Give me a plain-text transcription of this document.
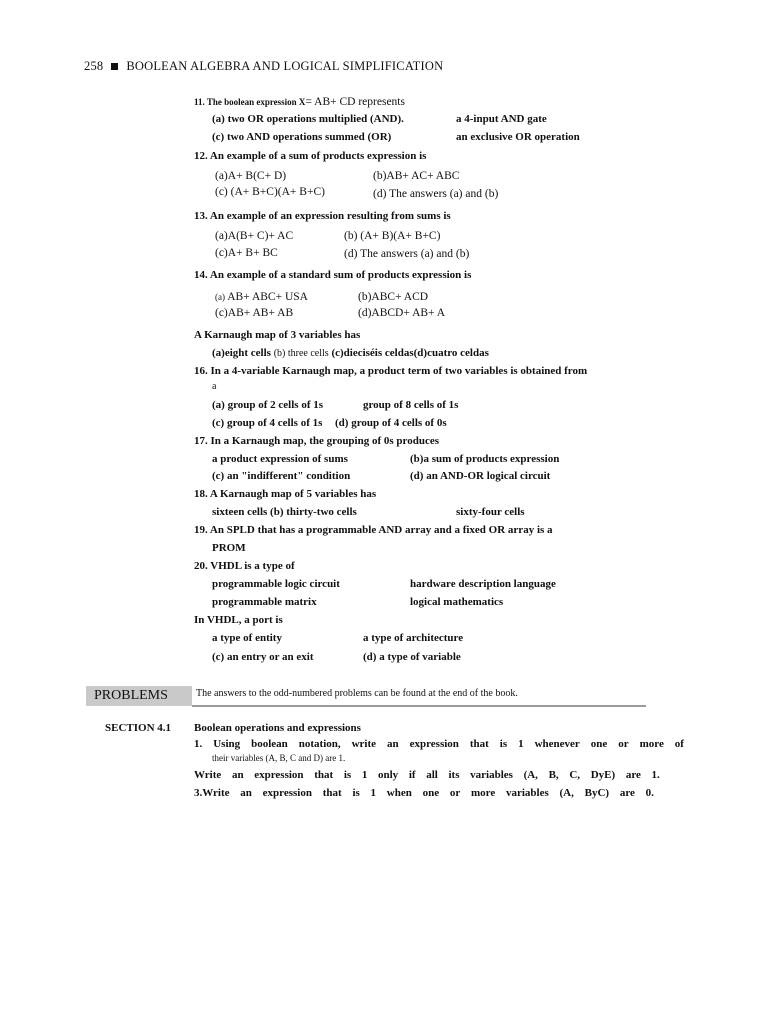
258 BOOLEAN ALGEBRA AND LOGICAL SIMPLIFICATION
11. The boolean expression X= AB+ CD represents
(a) two OR operations multiplied (AND).	a 4-input AND gate
(c) two AND operations summed (OR)	an exclusive OR operation
12. An example of a sum of products expression is
(a)A+ B(C+ D)	(b)AB+ AC+ ABC
(c) (A+ B+C)(A+ B+C)	(d) The answers (a) and (b)
13. An example of an expression resulting from sums is
(a)A(B+ C)+ AC	(b) (A+ B)(A+ B+C)
(c)A+ B+ BC	(d) The answers (a) and (b)
14. An example of a standard sum of products expression is
(a) AB+ ABC+ USA	(b)ABC+ ACD
(c)AB+ AB+ AB	(d)ABCD+ AB+ A
A Karnaugh map of 3 variables has
(a)eight cells (b) three cells (c)dieciséis celdas(d)cuatro celdas
16. In a 4-variable Karnaugh map, a product term of two variables is obtained from
a
(a) group of 2 cells of 1s	group of 8 cells of 1s
(c) group of 4 cells of 1s (d) group of 4 cells of 0s
17. In a Karnaugh map, the grouping of 0s produces
a product expression of sums	(b)a sum of products expression
(c) an "indifferent" condition	(d) an AND-OR logical circuit
18. A Karnaugh map of 5 variables has
sixteen cells (b) thirty-two cells	sixty-four cells
19. An SPLD that has a programmable AND array and a fixed OR array is a
PROM
20. VHDL is a type of
programmable logic circuit	hardware description language
programmable matrix	logical mathematics
In VHDL, a port is
a type of entity	a type of architecture
(c) an entry or an exit	(d) a type of variable
PROBLEMS	The answers to the odd-numbered problems can be found at the end of the book.
SECTION 4.1 Boolean operations and expressions
1. Using boolean notation, write an expression that is 1 whenever one or more of
their variables (A, B, C and D) are 1.
Write an expression that is 1 only if all its variables (A, B, C, DyE) are 1.
3.Write an expression that is 1 when one or more variables (A, ByC) are 0.
